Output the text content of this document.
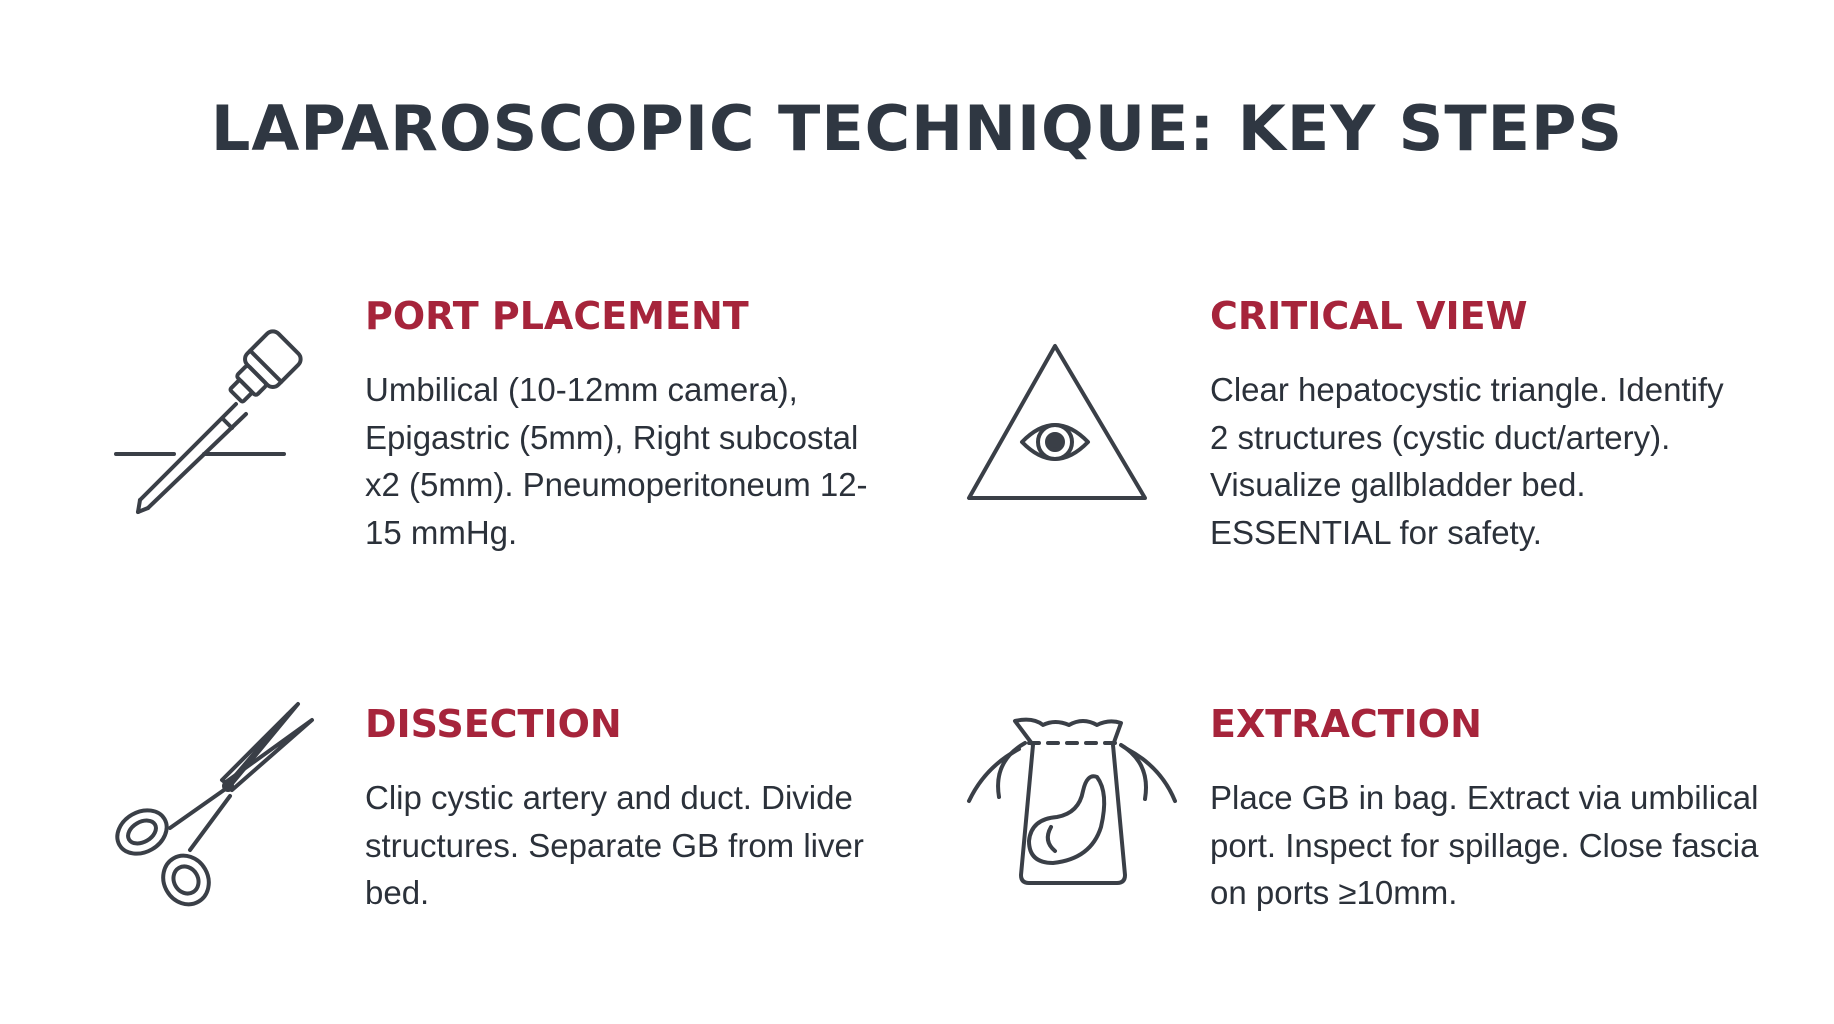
LAPAROSCOPIC TECHNIQUE: KEY STEPS
PORT PLACEMENT

Umbilical (10-12mm camera), Epigastric (5mm), Right subcostal x2 (5mm). Pneumoperitoneum 12-15 mmHg.

CRITICAL VIEW

Clear hepatocystic triangle. Identify 2 structures (cystic duct/artery). Visualize gallbladder bed. ESSENTIAL for safety.

DISSECTION

Clip cystic artery and duct. Divide structures. Separate GB from liver bed.

EXTRACTION

Place GB in bag. Extract via umbilical port. Inspect for spillage. Close fascia on ports ≥10mm.
